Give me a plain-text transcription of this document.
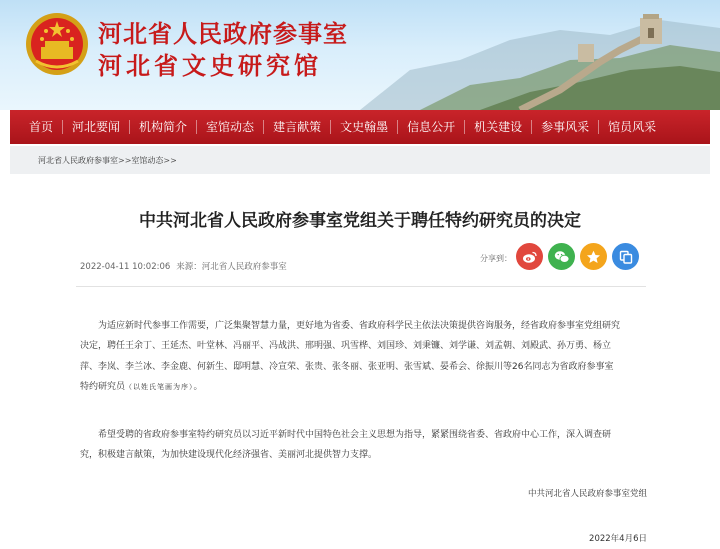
河北省人民政府参事室
河北省文史研究馆
首页	河北要闻	机构简介	室馆动态	建言献策	文史翰墨	信息公开	机关建设	参事风采	馆员风采
河北省人民政府参事室 >> 室馆动态 >>
中共河北省人民政府参事室党组关于聘任特约研究员的决定
2022-04-11 10:02:06 来源：河北省人民政府参事室
分享到：
为适应新时代参事工作需要，广泛集聚智慧力量，更好地为省委、省政府科学民主依法决策提供咨询服务，经省政府参事室党组研究
决定，聘任王余丁、王延杰、叶堂林、冯丽平、冯战洪、邢明强、巩雪桦、刘国珍、刘秉镰、刘学谦、刘孟朝、刘殿武、孙万勇、杨立
萍、李岚、李兰冰、李金鹿、何新生、邸明慧、冷宣荣、张贵、张冬丽、张亚明、张雪斌、晏希会、徐振川等26名同志为省政府参事室
特约研究员（以姓氏笔画为序）。
希望受聘的省政府参事室特约研究员以习近平新时代中国特色社会主义思想为指导，紧紧围绕省委、省政府中心工作，深入调查研
究，积极建言献策，为加快建设现代化经济强省、美丽河北提供智力支撑。
中共河北省人民政府参事室党组
2022年4月6日
